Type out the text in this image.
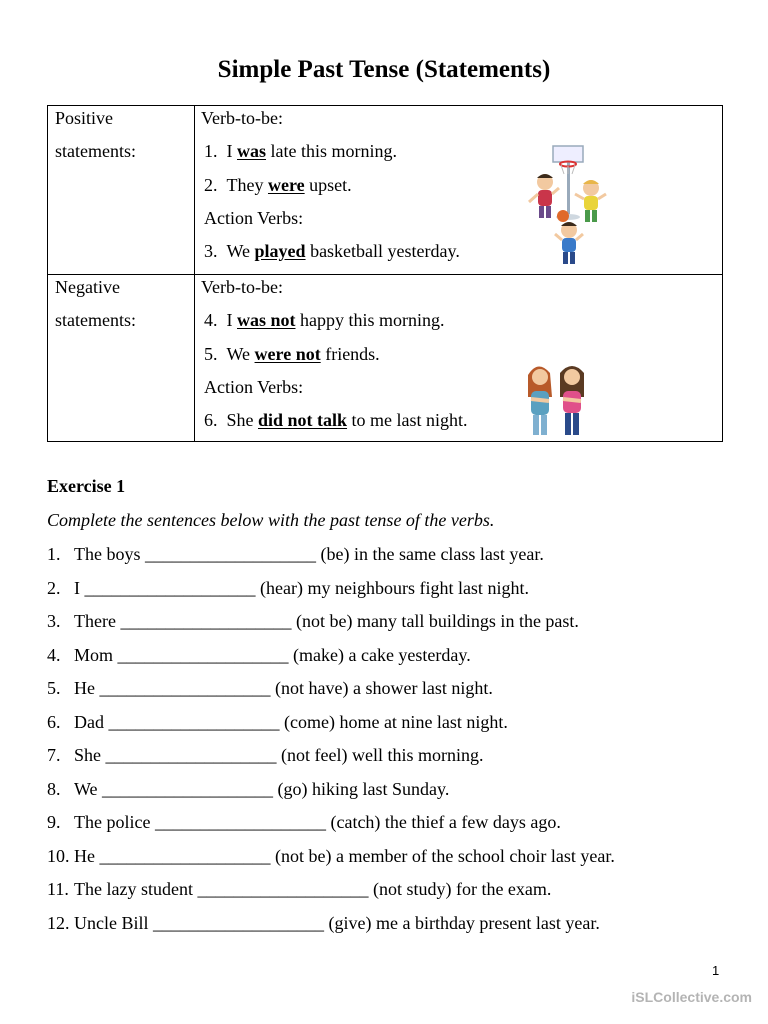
Simple Past Tense (Statements)
Positive
statements:
Verb-to-be:
1. I was late this morning.
2. They were upset.
Action Verbs:
3. We played basketball yesterday.
Negative
statements:
Verb-to-be:
4. I was not happy this morning.
5. We were not friends.
Action Verbs:
6. She did not talk to me last night.
Exercise 1
Complete the sentences below with the past tense of the verbs.
1. The boys ___________________ (be) in the same class last year.
2. I ___________________ (hear) my neighbours fight last night.
3. There ___________________ (not be) many tall buildings in the past.
4. Mom ___________________ (make) a cake yesterday.
5. He ___________________ (not have) a shower last night.
6. Dad ___________________ (come) home at nine last night.
7. She ___________________ (not feel) well this morning.
8. We ___________________ (go) hiking last Sunday.
9. The police ___________________ (catch) the thief a few days ago.
10. He ___________________ (not be) a member of the school choir last year.
11. The lazy student ___________________ (not study) for the exam.
12. Uncle Bill ___________________ (give) me a birthday present last year.
1
iSLCollective.com
